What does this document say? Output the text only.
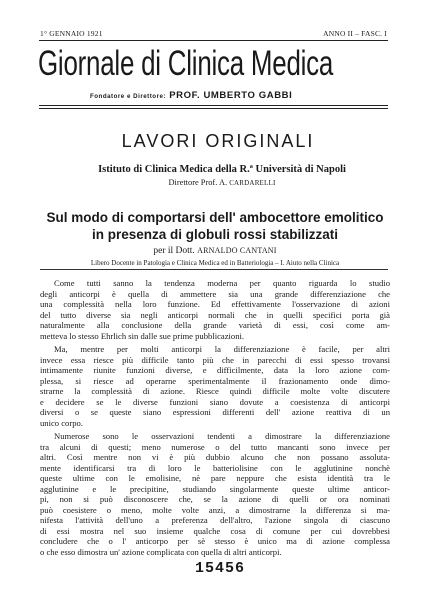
1° GENNAIO 1921	ANNO II – FASC. I
Giornale di Clinica Medica
Fondatore e Direttore: PROF. UMBERTO GABBI
LAVORI ORIGINALI
Istituto di Clinica Medica della R.ª Università di Napoli
Direttore Prof. A. CARDARELLI
Sul modo di comportarsi dell' ambocettore emolitico
in presenza di globuli rossi stabilizzati
per il Dott. ARNALDO CANTANI
Libero Docente in Patologia e Clinica Medica ed in Batteriologia – I. Aiuto nella Clinica
Come tutti sanno la tendenza moderna per quanto riguarda lo studio
degli anticorpi è quella di ammettere sia una grande differenziazione che
una complessità nella loro funzione. Ed effettivamente l'osservazione di azioni
del tutto diverse sia negli anticorpi normali che in quelli specifici porta già
naturalmente alla conclusione della grande varietà di essi, così come am-
metteva lo stesso Ehrlich sin dalle sue prime pubblicazioni.
Ma, mentre per molti anticorpi la differenziazione è facile, per altri
invece essa riesce più difficile tanto più che in parecchi di essi spesso trovansi
intimamente riunite funzioni diverse, e difficilmente, data la loro azione com-
plessa, si riesce ad operarne sperimentalmente il frazionamento onde dimo-
strarne la complessità di azione. Riesce quindi difficile molte volte discutere
e decidere se le diverse funzioni siano dovute a coesistenza di anticorpi
diversi o se queste siano espressioni differenti dell' azione reattiva di un
unico corpo.
Numerose sono le osservazioni tendenti a dimostrare la differenziazione
tra alcuni di questi; meno numerose o del tutto mancanti sono invece per
altri. Così mentre non vi è più dubbio alcuno che non possano assoluta-
mente identificarsi tra di loro le batteriolisine con le agglutinine nonchè
queste ultime con le emolisine, nè pare neppure che esista identità tra le
agglutinine e le precipitine, studiando singolarmente queste ultime anticor-
pi, non si può disconoscere che, se la azione di quelli or ora nominati
può coesistere o meno, molte volte anzi, a dimostrarne la differenza si ma-
nifesta l'attività dell'uno a preferenza dell'altro, l'azione singola di ciascuno
di essi mostra nel suo insieme qualche cosa di comune per cui dovrebbesi
concludere che o l' anticorpo per sè stesso è unico ma di azione complessa
o che esso dimostra un' azione complicata con quella di altri anticorpi.
15456
